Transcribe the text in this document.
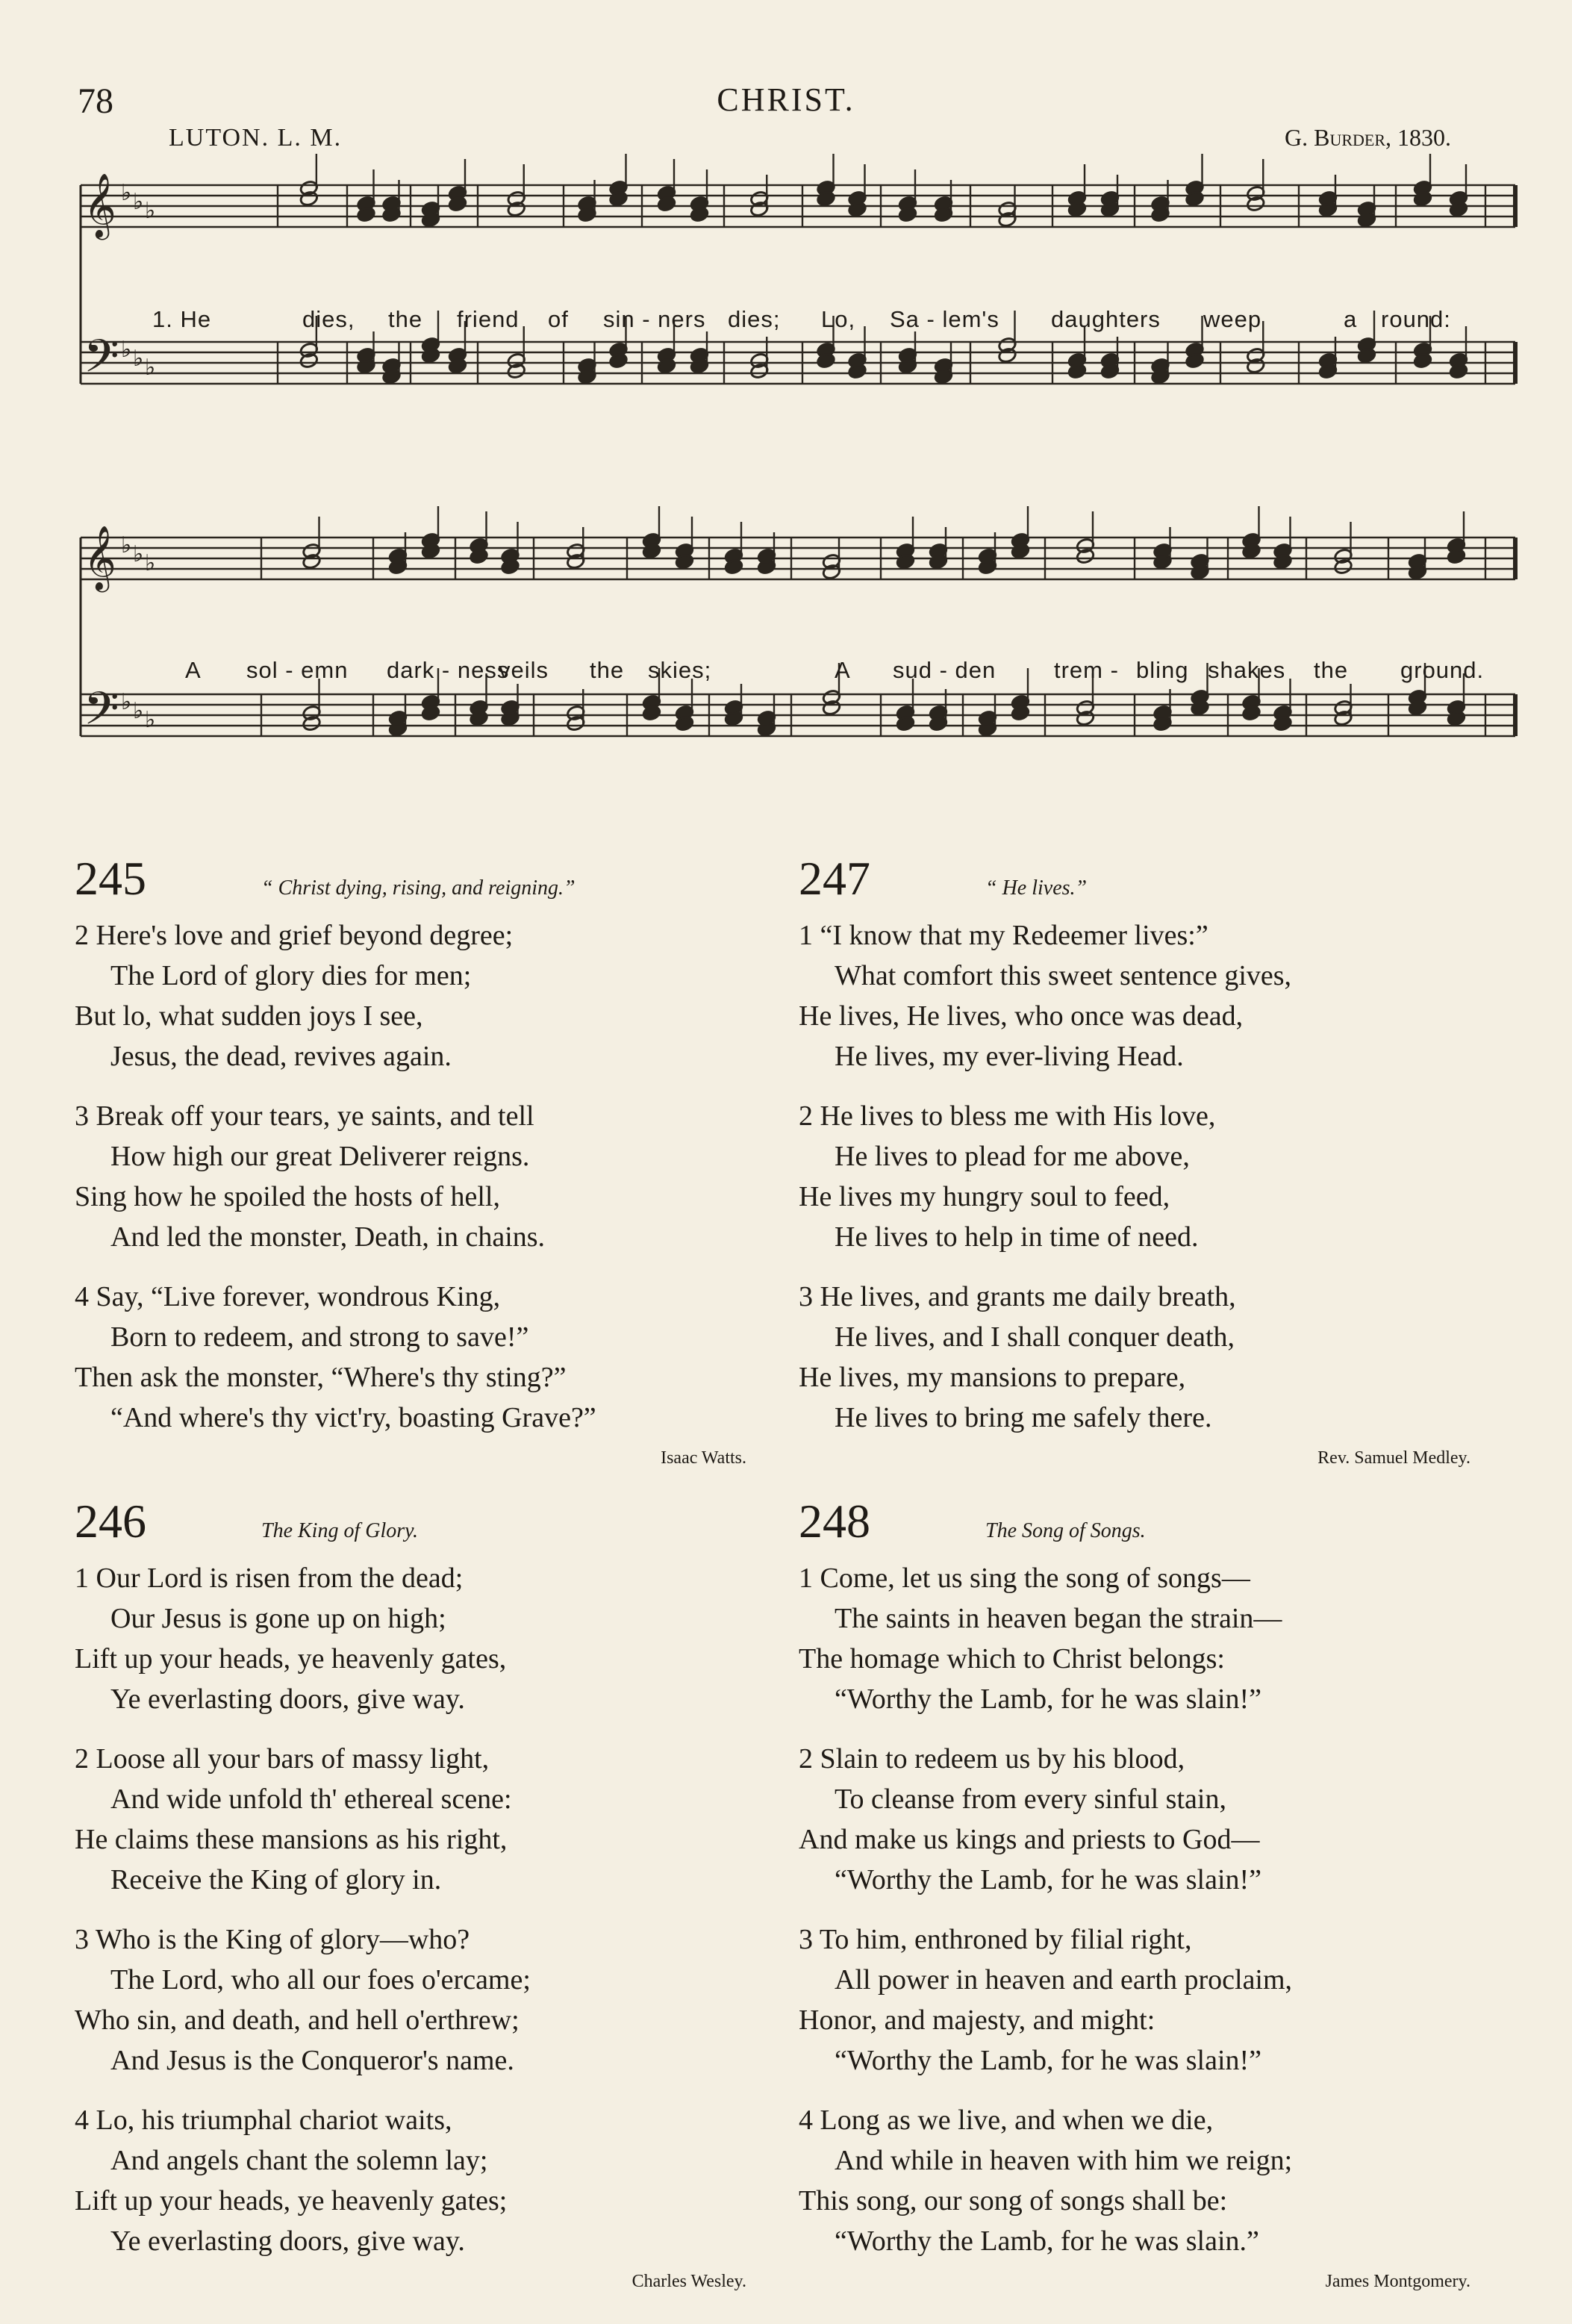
78	CHRIST.
LUTON. L. M.	G. Burder, 1830.
𝄞 ♭ ♭ ♭
𝄢 ♭ ♭ ♭
𝄞 ♭ ♭ ♭
𝄢 ♭ ♭ ♭
1. He	dies, the friend of sin - ners dies; Lo, Sa - lem's daughters weep	a round:
A sol - emn dark - ness
veils the skies;	A sud - den	trem - bling shakes the ground.
245	“ Christ dying, rising, and reigning.”
2 Here's love and grief beyond degree;
The Lord of glory dies for men;
But lo, what sudden joys I see,
Jesus, the dead, revives again.
3 Break off your tears, ye saints, and tell
How high our great Deliverer reigns.
Sing how he spoiled the hosts of hell,
And led the monster, Death, in chains.
4 Say, “Live forever, wondrous King,
Born to redeem, and strong to save!”
Then ask the monster, “Where's thy sting?”
“And where's thy vict'ry, boasting Grave?”
Isaac Watts.
246	The King of Glory.
1 Our Lord is risen from the dead;
Our Jesus is gone up on high;
Lift up your heads, ye heavenly gates,
Ye everlasting doors, give way.
2 Loose all your bars of massy light,
And wide unfold th' ethereal scene:
He claims these mansions as his right,
Receive the King of glory in.
3 Who is the King of glory—who?
The Lord, who all our foes o'ercame;
Who sin, and death, and hell o'erthrew;
And Jesus is the Conqueror's name.
4 Lo, his triumphal chariot waits,
And angels chant the solemn lay;
Lift up your heads, ye heavenly gates;
Ye everlasting doors, give way.
Charles Wesley.
247	“ He lives.”
1 “I know that my Redeemer lives:”
What comfort this sweet sentence gives,
He lives, He lives, who once was dead,
He lives, my ever-living Head.
2 He lives to bless me with His love,
He lives to plead for me above,
He lives my hungry soul to feed,
He lives to help in time of need.
3 He lives, and grants me daily breath,
He lives, and I shall conquer death,
He lives, my mansions to prepare,
He lives to bring me safely there.
Rev. Samuel Medley.
248	The Song of Songs.
1 Come, let us sing the song of songs—
The saints in heaven began the strain—
The homage which to Christ belongs:
“Worthy the Lamb, for he was slain!”
2 Slain to redeem us by his blood,
To cleanse from every sinful stain,
And make us kings and priests to God—
“Worthy the Lamb, for he was slain!”
3 To him, enthroned by filial right,
All power in heaven and earth proclaim,
Honor, and majesty, and might:
“Worthy the Lamb, for he was slain!”
4 Long as we live, and when we die,
And while in heaven with him we reign;
This song, our song of songs shall be:
“Worthy the Lamb, for he was slain.”
James Montgomery.
